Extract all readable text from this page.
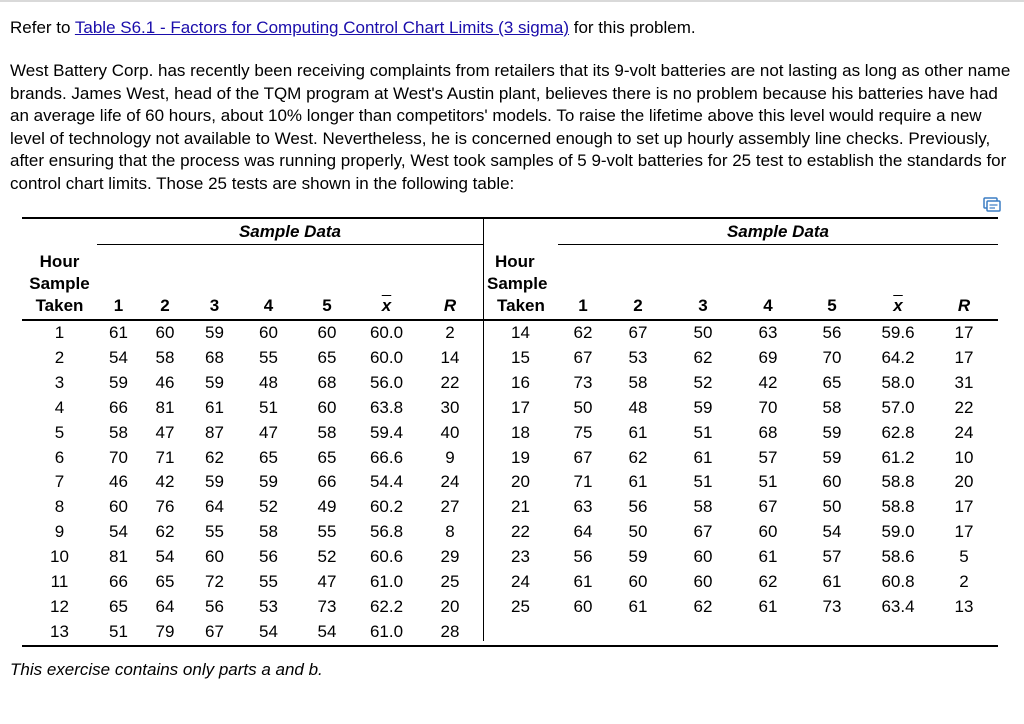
Refer to Table S6.1 - Factors for Computing Control Chart Limits (3 sigma) for this problem.
West Battery Corp. has recently been receiving complaints from retailers that its 9-volt batteries are not lasting as long as other name brands. James West, head of the TQM program at West's Austin plant, believes there is no problem because his batteries have had an average life of 60 hours, about 10% longer than competitors' models. To raise the lifetime above this level would require a new level of technology not available to West. Nevertheless, he is concerned enough to set up hourly assembly line checks. Previously, after ensuring that the process was running properly, West took samples of 5 9-volt batteries for 25 test to establish the standards for control chart limits. Those 25 tests are shown in the following table:
	Sample Data						

Hour
Sample
Taken	1	2	3	4	5	$\overline{x}$	R
1	61	60	59	60	60	60.0	2
2	54	58	68	55	65	60.0	14
3	59	46	59	48	68	56.0	22
4	66	81	61	51	60	63.8	30
5	58	47	87	47	58	59.4	40
6	70	71	62	65	65	66.6	9
7	46	42	59	59	66	54.4	24
8	60	76	64	52	49	60.2	27
9	54	62	55	58	55	56.8	8
10	81	54	60	56	52	60.6	29
11	66	65	72	55	47	61.0	25
12	65	64	56	53	73	62.2	20
13	51	79	67	54	54	61.0	28
	Sample Data						

Hour
Sample
Taken	1	2	3	4	5	$\overline{x}$	R
14	62	67	50	63	56	59.6	17
15	67	53	62	69	70	64.2	17
16	73	58	52	42	65	58.0	31
17	50	48	59	70	58	57.0	22
18	75	61	51	68	59	62.8	24
19	67	62	61	57	59	61.2	10
20	71	61	51	51	60	58.8	20
21	63	56	58	67	50	58.8	17
22	64	50	67	60	54	59.0	17
23	56	59	60	61	57	58.6	5
24	61	60	60	62	61	60.8	2
25	60	61	62	61	73	63.4	13

This exercise contains only parts a and b.
